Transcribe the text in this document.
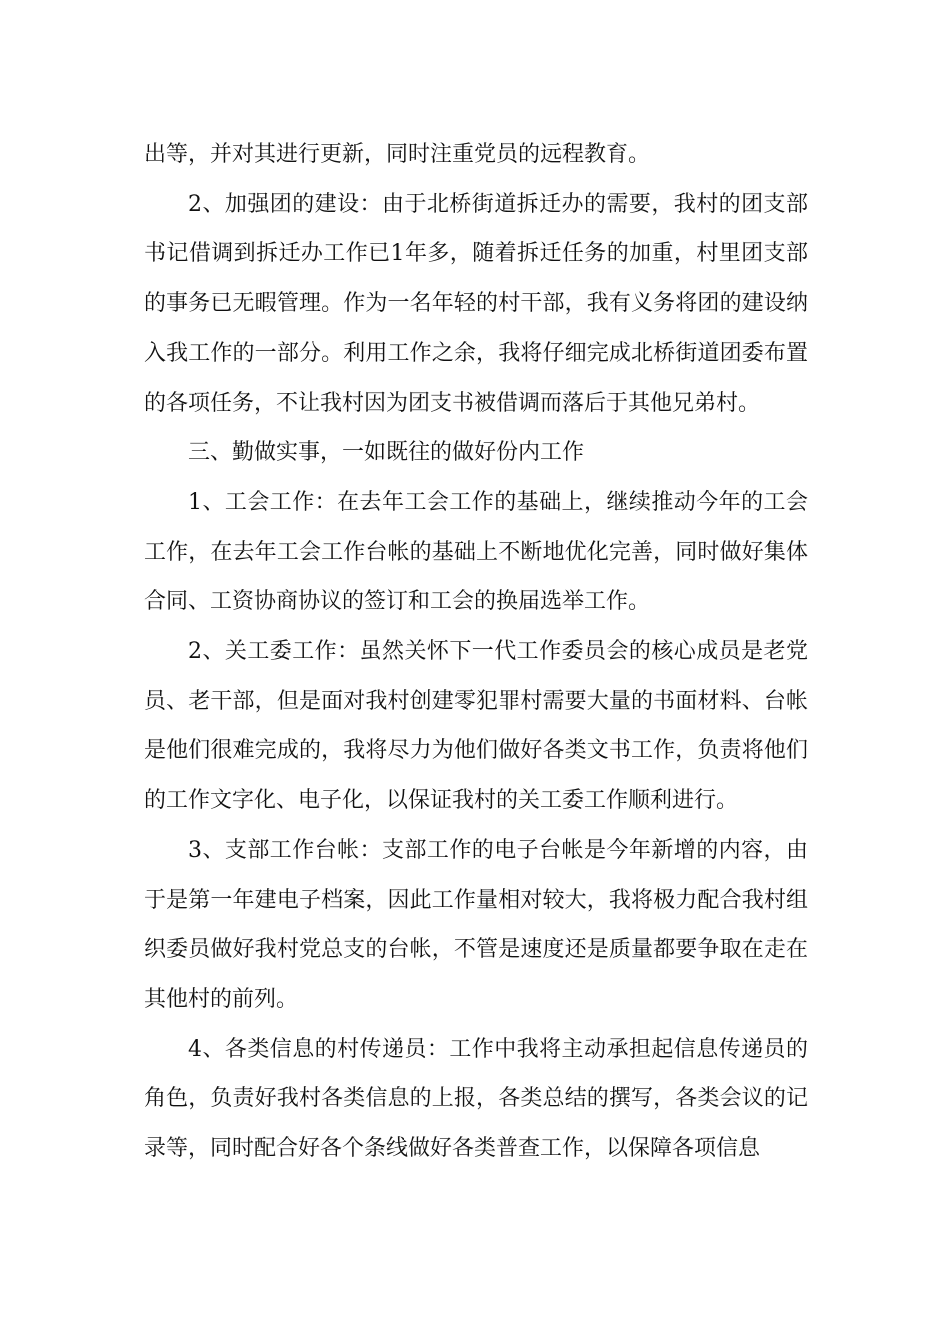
出等，并对其进行更新，同时注重党员的远程教育。

2、加强团的建设：由于北桥街道拆迁办的需要，我村的团支部书记借调到拆迁办工作已1年多，随着拆迁任务的加重，村里团支部的事务已无暇管理。作为一名年轻的村干部，我有义务将团的建设纳入我工作的一部分。利用工作之余，我将仔细完成北桥街道团委布置的各项任务，不让我村因为团支书被借调而落后于其他兄弟村。

三、勤做实事，一如既往的做好份内工作

1、工会工作：在去年工会工作的基础上，继续推动今年的工会工作，在去年工会工作台帐的基础上不断地优化完善，同时做好集体合同、工资协商协议的签订和工会的换届选举工作。

2、关工委工作：虽然关怀下一代工作委员会的核心成员是老党员、老干部，但是面对我村创建零犯罪村需要大量的书面材料、台帐是他们很难完成的，我将尽力为他们做好各类文书工作，负责将他们的工作文字化、电子化，以保证我村的关工委工作顺利进行。

3、支部工作台帐：支部工作的电子台帐是今年新增的内容，由于是第一年建电子档案，因此工作量相对较大，我将极力配合我村组织委员做好我村党总支的台帐，不管是速度还是质量都要争取在走在其他村的前列。

4、各类信息的村传递员：工作中我将主动承担起信息传递员的角色，负责好我村各类信息的上报，各类总结的撰写，各类会议的记录等，同时配合好各个条线做好各类普查工作，以保障各项信息
